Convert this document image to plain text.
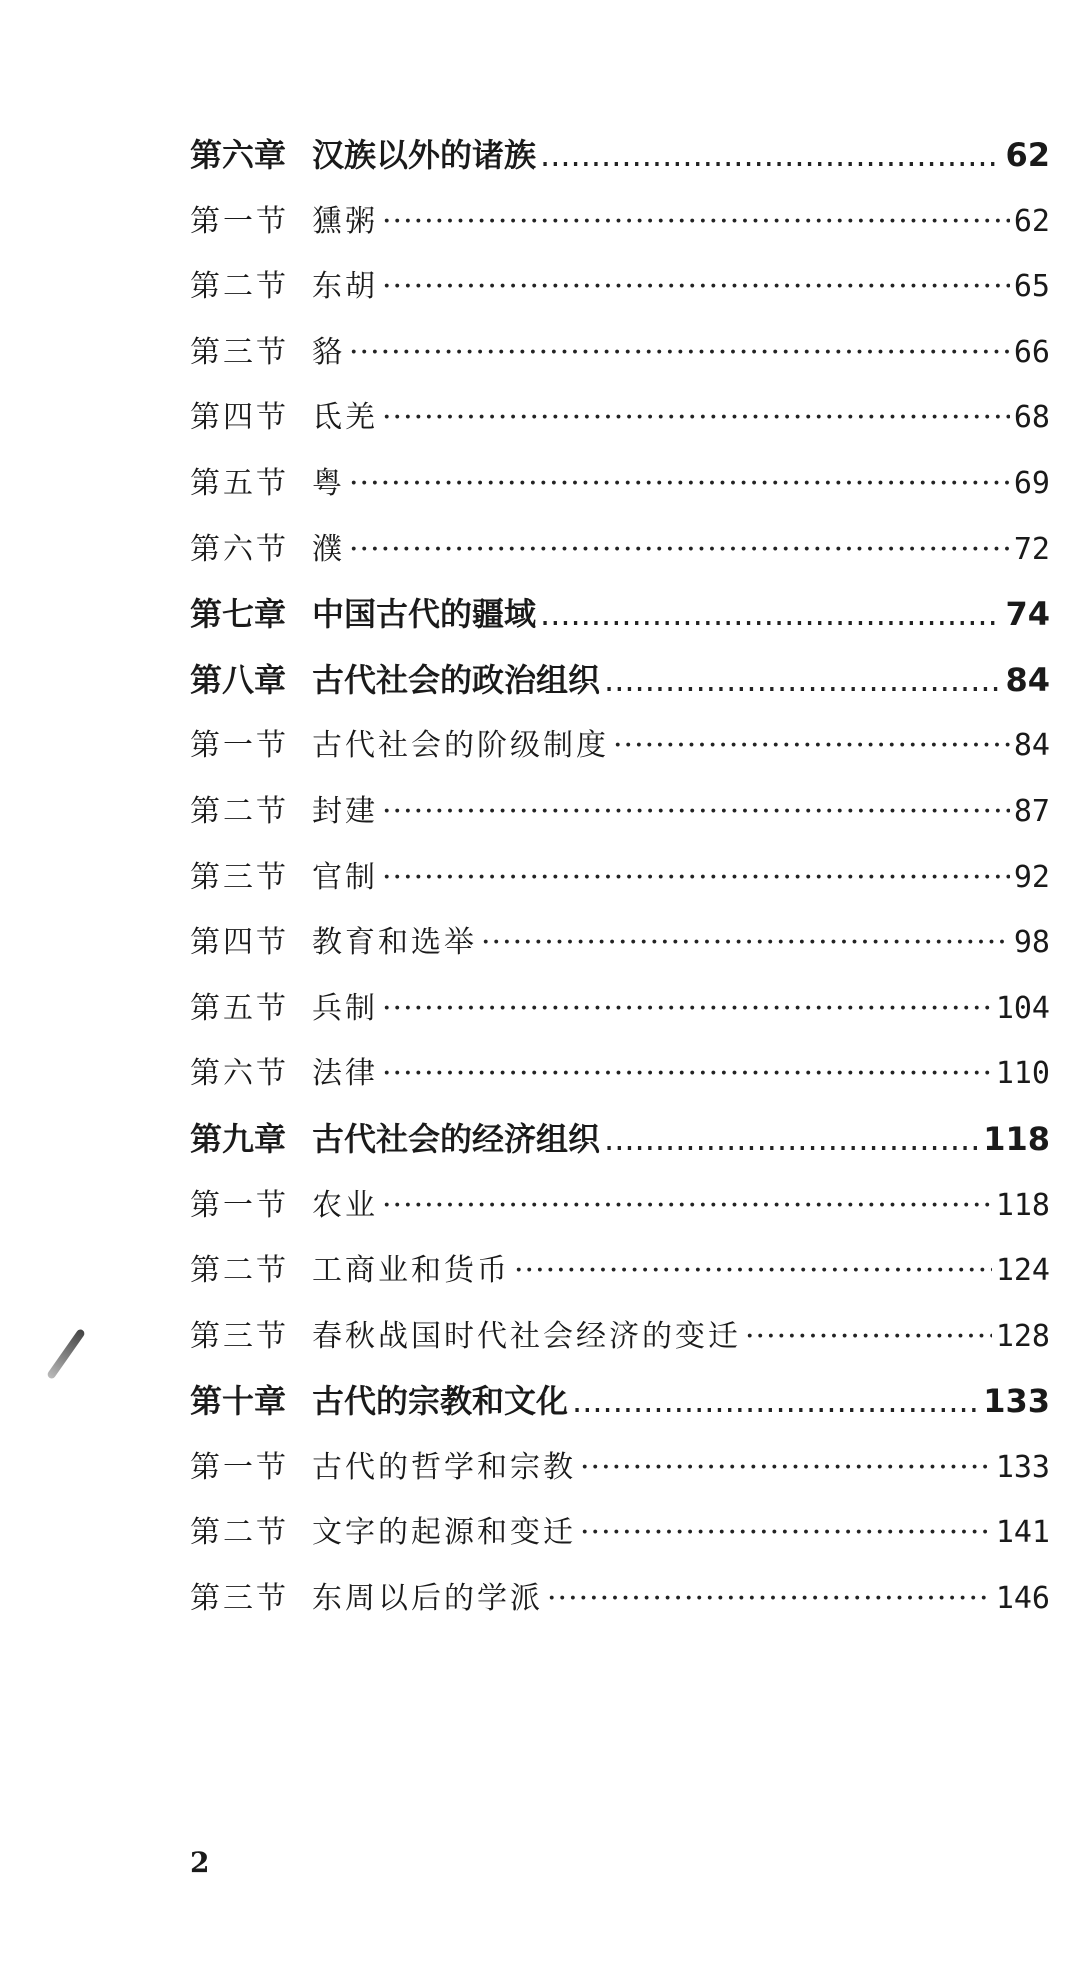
第六章 汉族以外的诸族 .....	62
第一节 獯粥 ·····	62
第二节 东胡 ·····	65
第三节 貉 ·····	66
第四节 氐羌 ·····	68
第五节 粤 ·····	69
第六节 濮 ·····	72
第七章 中国古代的疆域 .....	74
第八章 古代社会的政治组织 .....	84
第一节 古代社会的阶级制度 ·····	84
第二节 封建 ·····	87
第三节 官制 ·····	92
第四节 教育和选举 ·····	98
第五节 兵制 ·····	104
第六节 法律 ·····	110
第九章 古代社会的经济组织 .....	118
第一节 农业 ·····	118
第二节 工商业和货币 ·····	124
第三节 春秋战国时代社会经济的变迁 ·····	128
第十章 古代的宗教和文化 .....	133
第一节 古代的哲学和宗教 ·····	133
第二节 文字的起源和变迁 ·····	141
第三节 东周以后的学派 ·····	146
2
